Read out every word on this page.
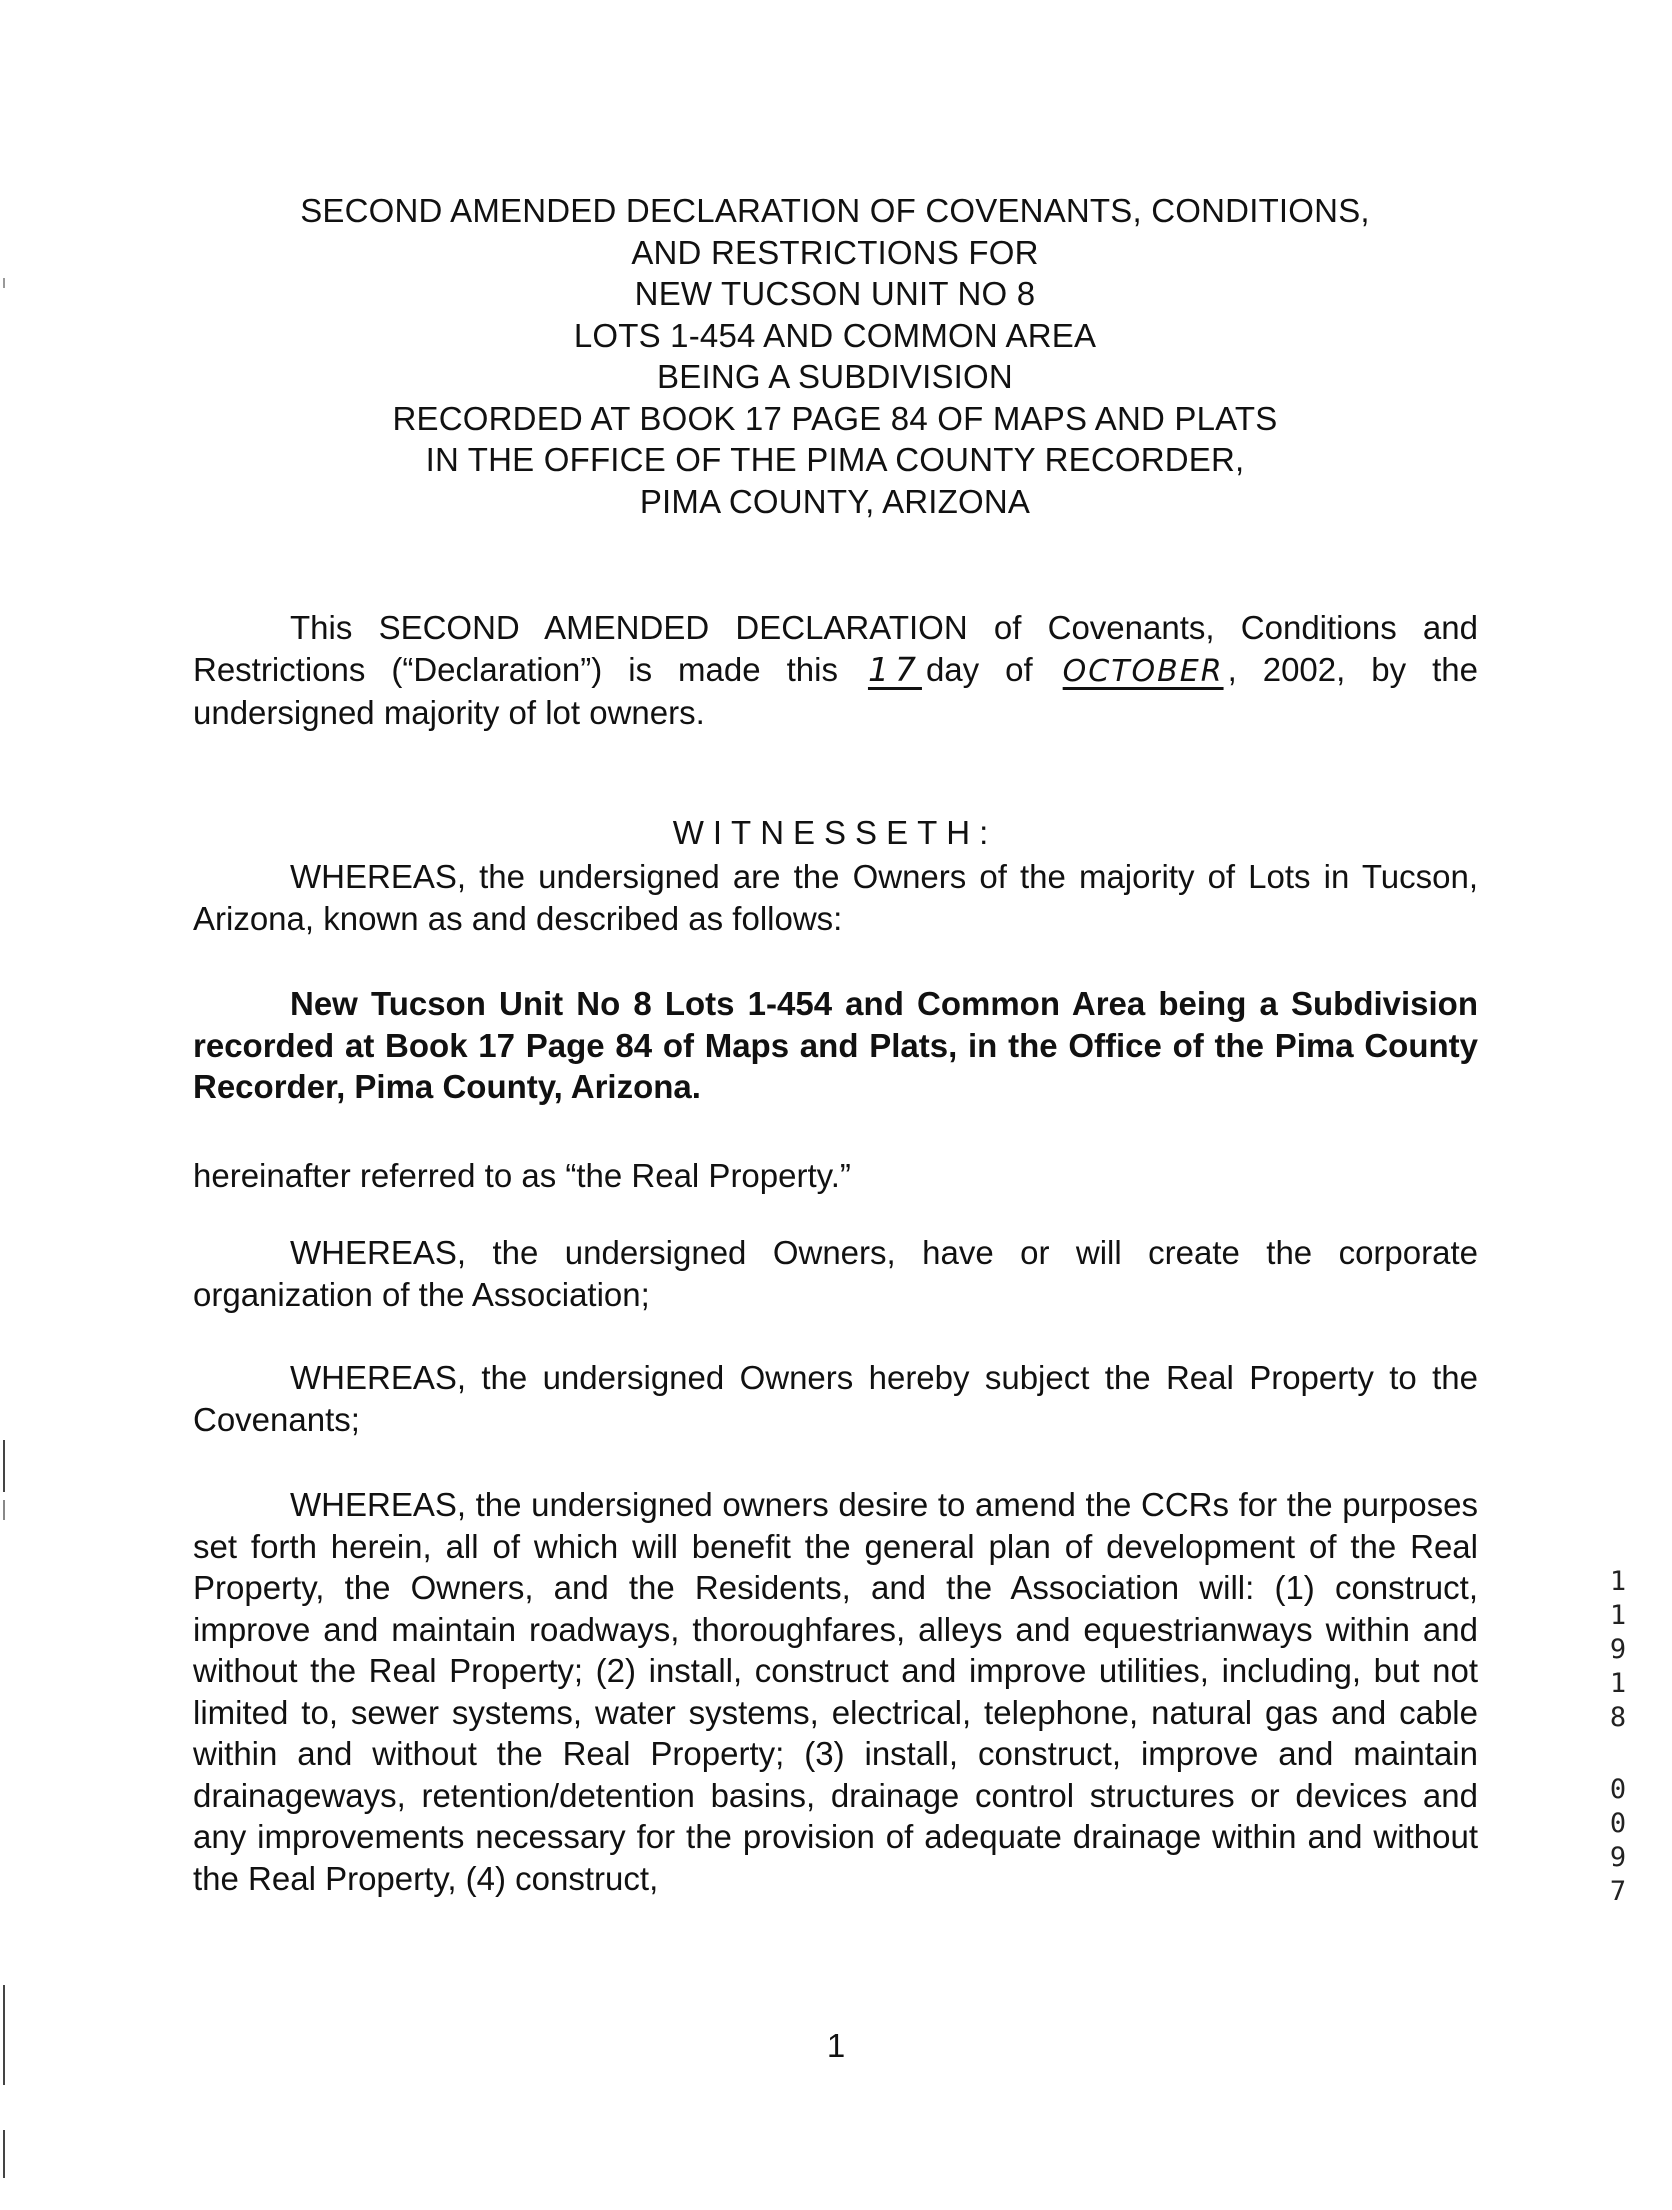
SECOND AMENDED DECLARATION OF COVENANTS, CONDITIONS,
AND RESTRICTIONS FOR
NEW TUCSON UNIT NO 8
LOTS 1-454 AND COMMON AREA
BEING A SUBDIVISION
RECORDED AT BOOK 17 PAGE 84 OF MAPS AND PLATS
IN THE OFFICE OF THE PIMA COUNTY RECORDER,
PIMA COUNTY, ARIZONA

This SECOND AMENDED DECLARATION of Covenants, Conditions and Restrictions (“Declaration”) is made this 17 day of OCTOBER , 2002, by the undersigned majority of lot owners.

WITNESSETH:

WHEREAS, the undersigned are the Owners of the majority of Lots in Tucson, Arizona, known as and described as follows:

New Tucson Unit No 8 Lots 1-454 and Common Area being a Subdivision recorded at Book 17 Page 84 of Maps and Plats, in the Office of the Pima County Recorder, Pima County, Arizona.

hereinafter referred to as “the Real Property.”

WHEREAS, the undersigned Owners, have or will create the corporate organization of the Association;

WHEREAS, the undersigned Owners hereby subject the Real Property to the Covenants;

WHEREAS, the undersigned owners desire to amend the CCRs for the purposes set forth herein, all of which will benefit the general plan of development of the Real Property, the Owners, and the Residents, and the Association will: (1) construct, improve and maintain roadways, thoroughfares, alleys and equestrianways within and without the Real Property; (2) install, construct and improve utilities, including, but not limited to, sewer systems, water systems, electrical, telephone, natural gas and cable within and without the Real Property; (3) install, construct, improve and maintain drainageways, retention/detention basins, drainage control structures or devices and any improvements necessary for the provision of adequate drainage within and without the Real Property, (4) construct,

1
1
1
9
1
8
0
0
9
7
